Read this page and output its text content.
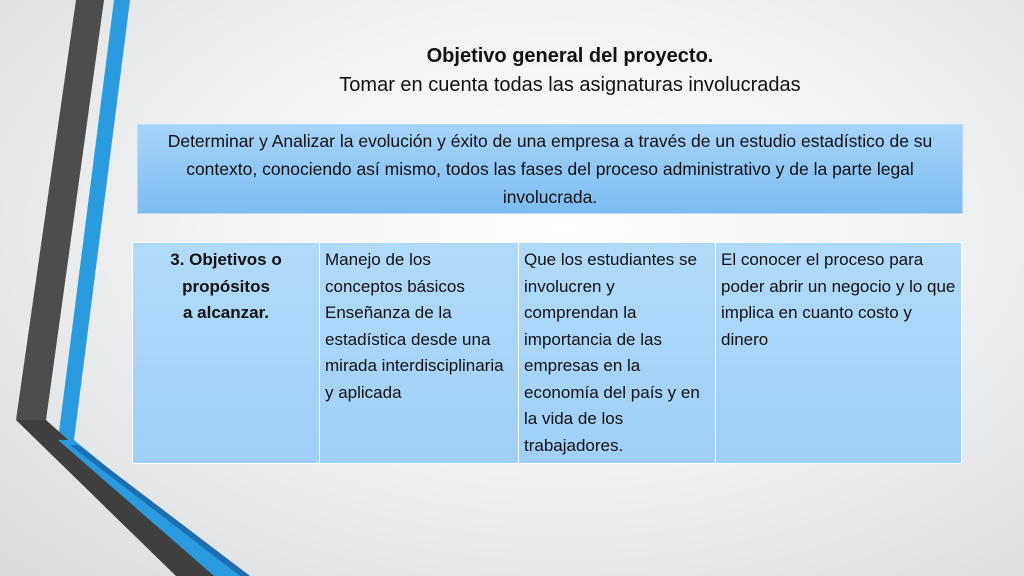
Objetivo general del proyecto.
Tomar en cuenta todas las asignaturas involucradas

Determinar y Analizar la evolución y éxito de una empresa a través de un estudio estadístico de su contexto, conociendo así mismo, todos las fases del proceso administrativo y de la parte legal involucrada.

3. Objetivos o
propósitos
a alcanzar.
	Manejo de los conceptos básicos Enseñanza de la estadística desde una mirada interdisciplinaria y aplicada	Que los estudiantes se involucren y comprendan la importancia de las empresas en la economía del país y en la vida de los trabajadores.	El conocer el proceso para poder abrir un negocio y lo que implica en cuanto costo y dinero
